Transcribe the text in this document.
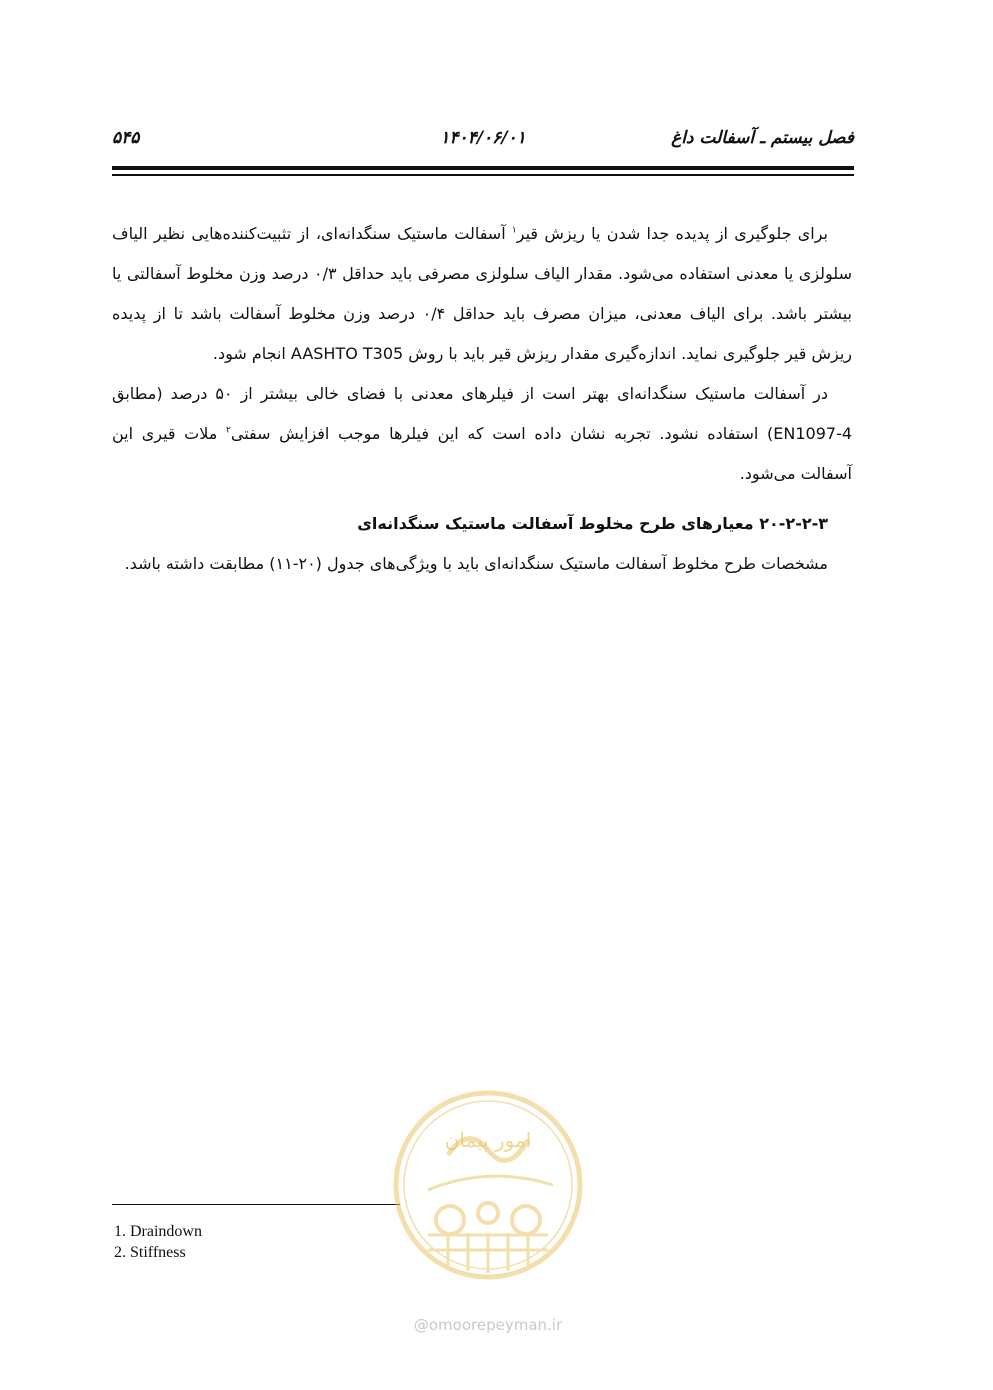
فصل بیستم ـ آسفالت داغ
۱۴۰۴/۰۶/۰۱
۵۴۵

برای جلوگیری از پدیده جدا شدن یا ریزش قیر$^۱$ آسفالت ماستیک سنگدانه‌ای، از تثبیت‌کننده‌هایی نظیر الیاف سلولزی یا معدنی استفاده می‌شود. مقدار الیاف سلولزی مصرفی باید حداقل ۰/۳ درصد وزن مخلوط آسفالتی یا بیشتر باشد. برای الیاف معدنی، میزان مصرف باید حداقل ۰/۴ درصد وزن مخلوط آسفالت باشد تا از پدیده ریزش قیر جلوگیری نماید. اندازه‌گیری مقدار ریزش قیر باید با روش AASHTO T305 انجام شود.

در آسفالت ماستیک سنگدانه‌ای بهتر است از فیلرهای معدنی با فضای خالی بیشتر از ۵۰ درصد (مطابق EN1097-4) استفاده نشود. تجربه نشان داده است که این فیلرها موجب افزایش سفتی$^۲$ ملات قیری این آسفالت می‌شود.

۲۰-۲-۲-۳ معیارهای طرح مخلوط آسفالت ماستیک سنگدانه‌ای

مشخصات طرح مخلوط آسفالت ماستیک سنگدانه‌ای باید با ویژگی‌های جدول (۲۰-۱۱) مطابقت داشته باشد.

1. Draindown
2. Stiffness
امور پیمان
@omoorepeyman.ir
